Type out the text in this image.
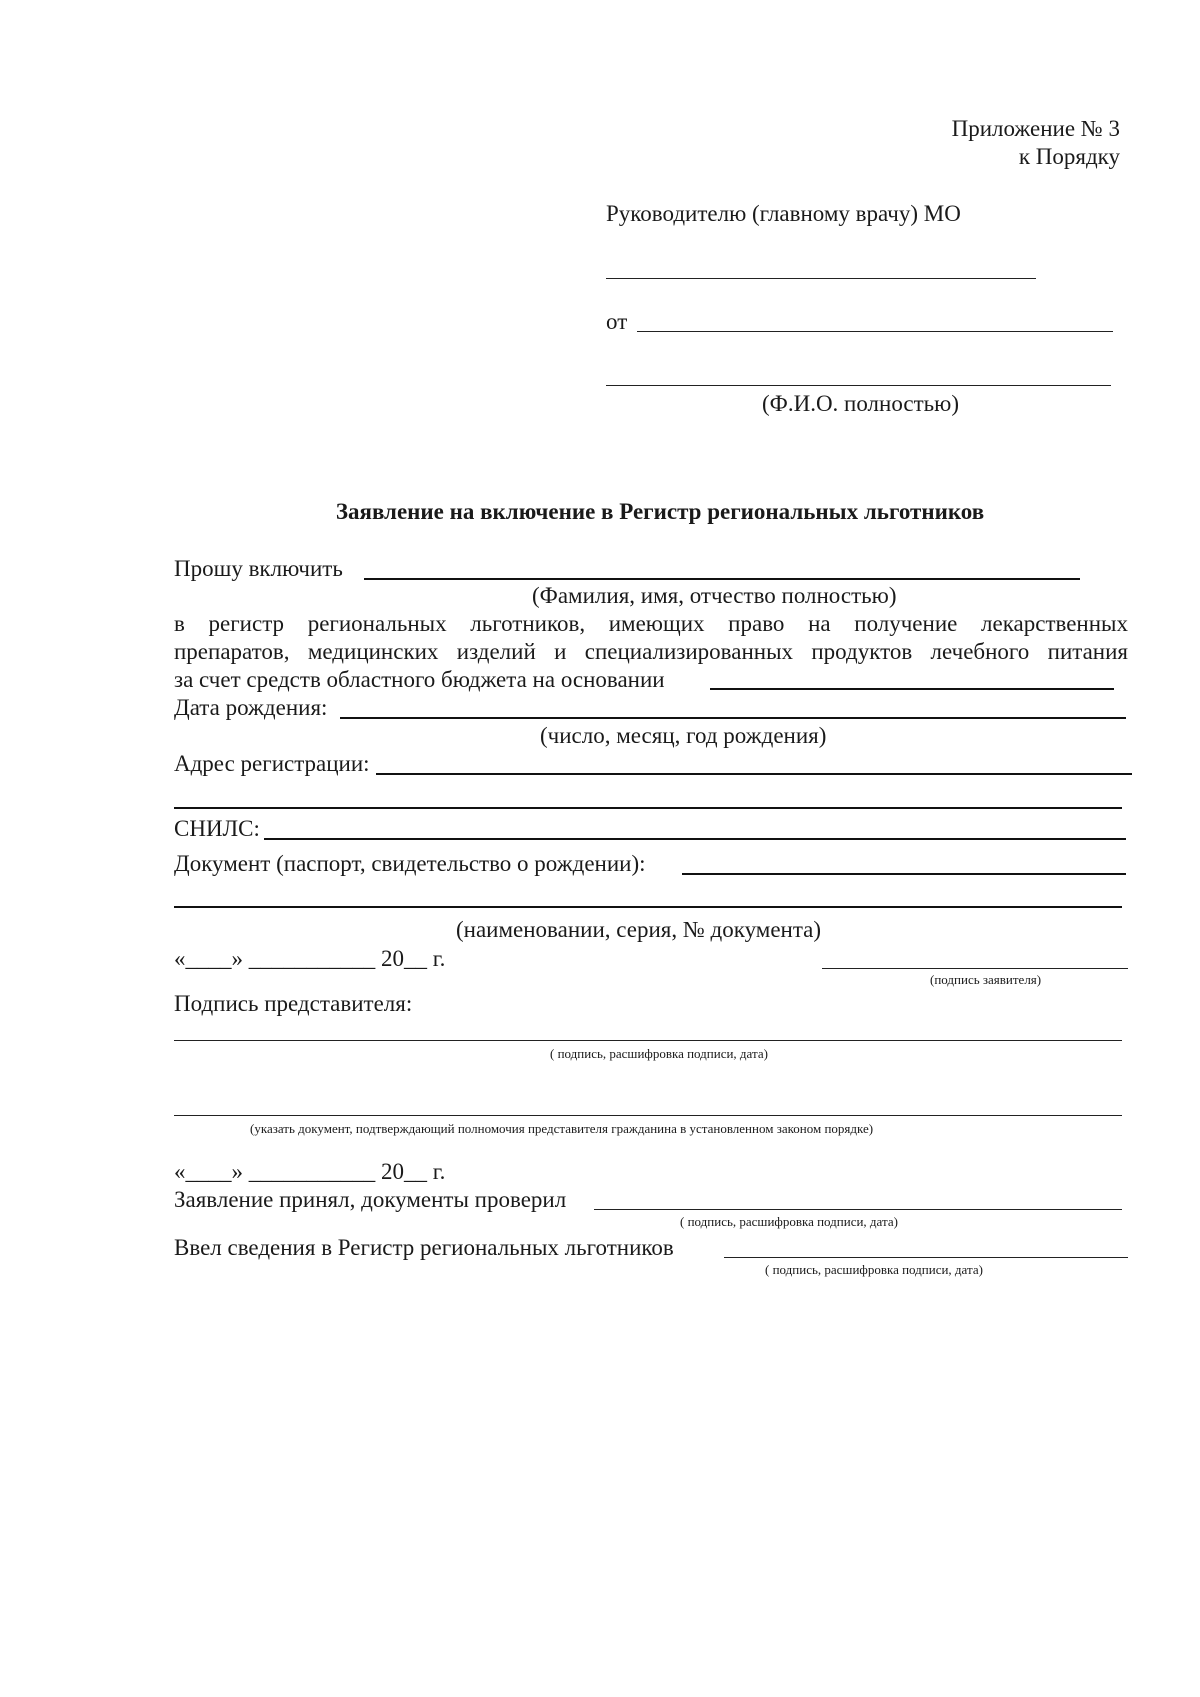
Приложение № 3
к Порядку
Руководителю (главному врачу) МО
от
(Ф.И.О. полностью)
Заявление на включение в Регистр региональных льготников
Прошу включить
(Фамилия, имя, отчество полностью)
в регистр региональных льготников, имеющих право на получение лекарственных
препаратов, медицинских изделий и специализированных продуктов лечебного питания
за счет средств областного бюджета на основании
Дата рождения:
(число, месяц, год рождения)
Адрес регистрации:
СНИЛС:
Документ (паспорт, свидетельство о рождении):
(наименовании, серия, № документа)
«____» ___________ 20__ г.
(подпись заявителя)
Подпись представителя:
( подпись, расшифровка подписи, дата)
(указать документ, подтверждающий полномочия представителя гражданина в установленном законом порядке)
«____» ___________ 20__ г.
Заявление принял, документы проверил
( подпись, расшифровка подписи, дата)
Ввел сведения в Регистр региональных льготников
( подпись, расшифровка подписи, дата)
